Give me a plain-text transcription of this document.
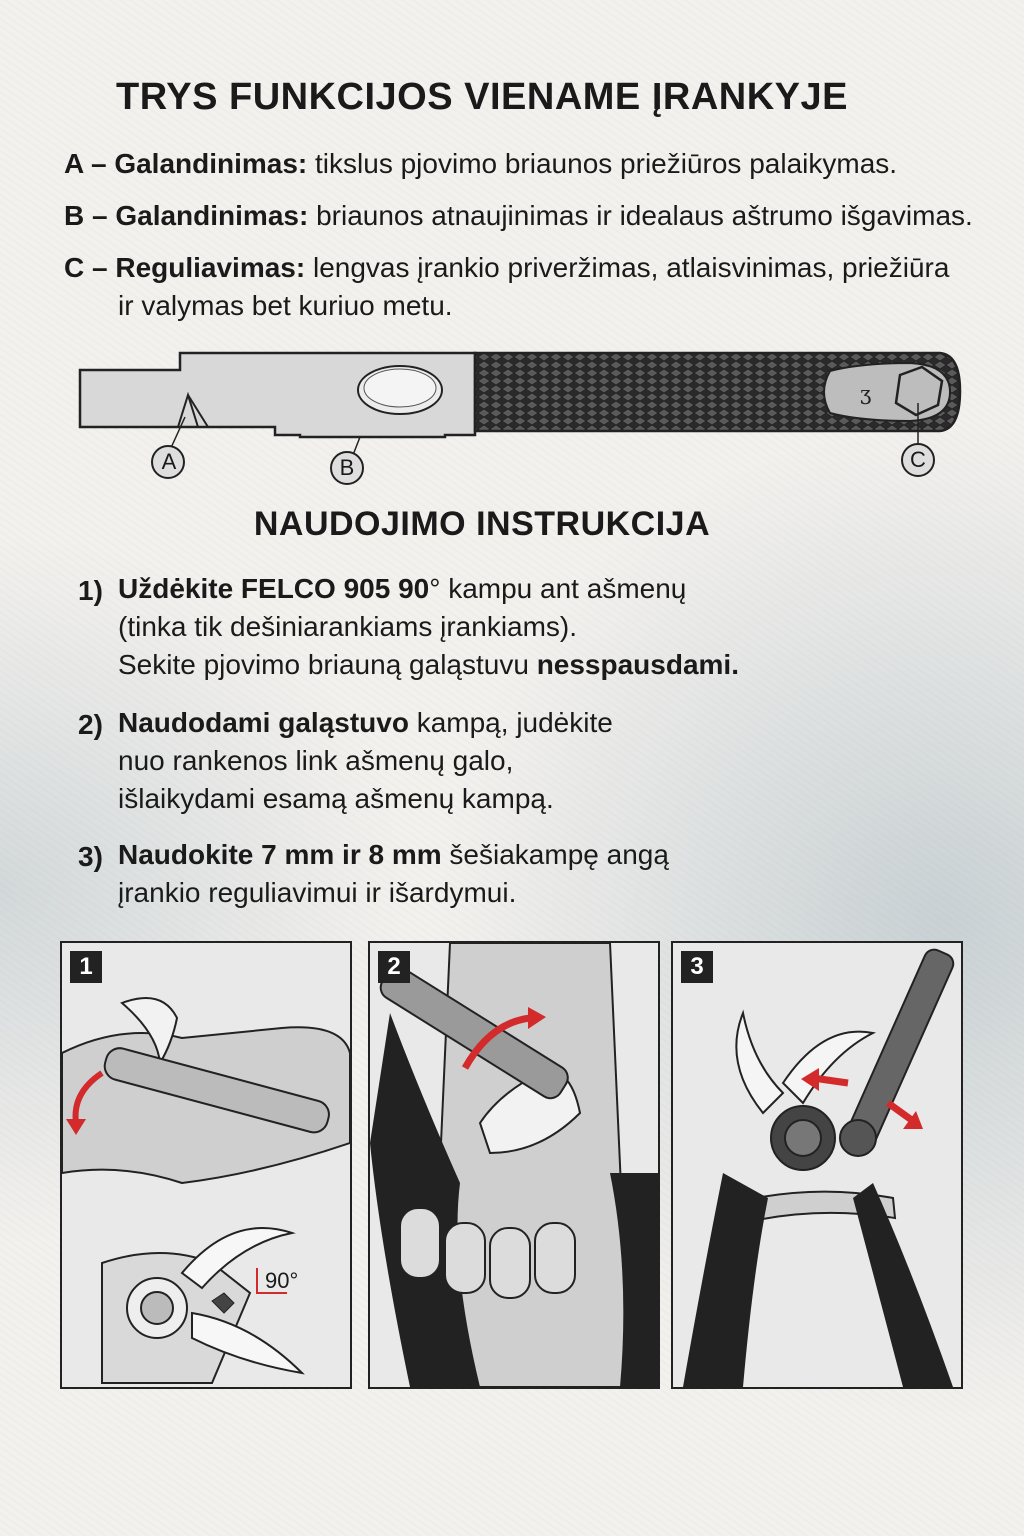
TRYS FUNKCIJOS VIENAME ĮRANKYJE
A – Galandinimas: tikslus pjovimo briaunos priežiūros palaikymas.
B – Galandinimas: briaunos atnaujinimas ir idealaus aštrumo išgavimas.
C – Reguliavimas: lengvas įrankio priveržimas, atlaisvinimas, priežiūra
ir valymas bet kuriuo metu.
ʒ
A	B	C
NAUDOJIMO INSTRUKCIJA
1) Uždėkite FELCO 905 90° kampu ant ašmenų
(tinka tik dešiniarankiams įrankiams).
Sekite pjovimo briauną galąstuvu nesspausdami.
2) Naudodami galąstuvo kampą, judėkite
nuo rankenos link ašmenų galo,
išlaikydami esamą ašmenų kampą.
3) Naudokite 7 mm ir 8 mm šešiakampę angą
įrankio reguliavimui ir išardymui.
1
90°
2	3
